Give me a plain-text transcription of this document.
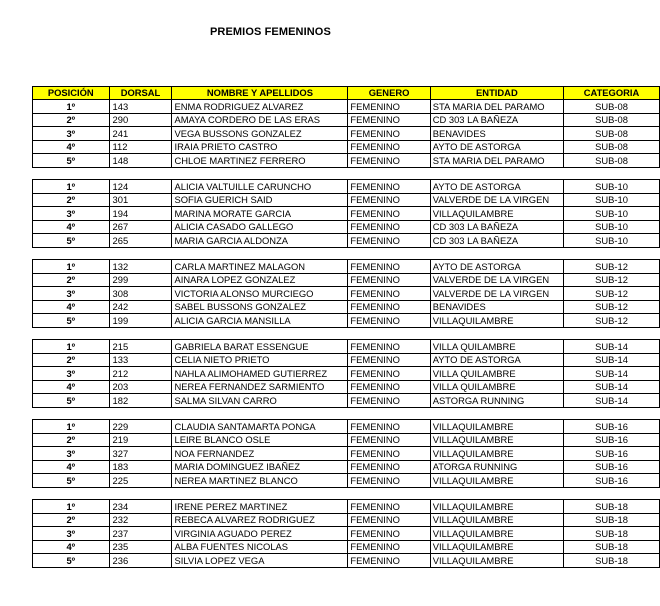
PREMIOS FEMENINOS
POSICIÓN	DORSAL	NOMBRE Y APELLIDOS	GENERO	ENTIDAD	CATEGORIA
1º	143	ENMA RODRIGUEZ ALVAREZ	FEMENINO	STA MARIA DEL PARAMO	SUB-08
2º	290	AMAYA CORDERO DE LAS ERAS	FEMENINO	CD 303 LA BAÑEZA	SUB-08
3º	241	VEGA BUSSONS GONZALEZ	FEMENINO	BENAVIDES	SUB-08
4º	112	IRAIA PRIETO CASTRO	FEMENINO	AYTO DE ASTORGA	SUB-08
5º	148	CHLOE MARTINEZ FERRERO	FEMENINO	STA MARIA DEL PARAMO	SUB-08

1º	124	ALICIA VALTUILLE CARUNCHO	FEMENINO	AYTO DE ASTORGA	SUB-10
2º	301	SOFIA GUERICH SAID	FEMENINO	VALVERDE DE LA VIRGEN	SUB-10
3º	194	MARINA MORATE GARCIA	FEMENINO	VILLAQUILAMBRE	SUB-10
4º	267	ALICIA CASADO GALLEGO	FEMENINO	CD 303 LA BAÑEZA	SUB-10
5º	265	MARIA GARCIA ALDONZA	FEMENINO	CD 303 LA BAÑEZA	SUB-10

1º	132	CARLA MARTINEZ MALAGON	FEMENINO	AYTO DE ASTORGA	SUB-12
2º	299	AINARA LOPEZ GONZALEZ	FEMENINO	VALVERDE DE LA VIRGEN	SUB-12
3º	308	VICTORIA ALONSO MURCIEGO	FEMENINO	VALVERDE DE LA VIRGEN	SUB-12
4º	242	SABEL BUSSONS GONZALEZ	FEMENINO	BENAVIDES	SUB-12
5º	199	ALICIA GARCIA MANSILLA	FEMENINO	VILLAQUILAMBRE	SUB-12

1º	215	GABRIELA BARAT ESSENGUE	FEMENINO	VILLA QUILAMBRE	SUB-14
2º	133	CELIA NIETO PRIETO	FEMENINO	AYTO DE ASTORGA	SUB-14
3º	212	NAHLA ALIMOHAMED GUTIERREZ	FEMENINO	VILLA QUILAMBRE	SUB-14
4º	203	NEREA FERNANDEZ SARMIENTO	FEMENINO	VILLA QUILAMBRE	SUB-14
5º	182	SALMA SILVAN CARRO	FEMENINO	ASTORGA RUNNING	SUB-14

1º	229	CLAUDIA SANTAMARTA PONGA	FEMENINO	VILLAQUILAMBRE	SUB-16
2º	219	LEIRE BLANCO OSLE	FEMENINO	VILLAQUILAMBRE	SUB-16
3º	327	NOA FERNANDEZ	FEMENINO	VILLAQUILAMBRE	SUB-16
4º	183	MARIA DOMINGUEZ IBAÑEZ	FEMENINO	ATORGA RUNNING	SUB-16
5º	225	NEREA MARTINEZ BLANCO	FEMENINO	VILLAQUILAMBRE	SUB-16

1º	234	IRENE PEREZ MARTINEZ	FEMENINO	VILLAQUILAMBRE	SUB-18
2º	232	REBECA ALVAREZ RODRIGUEZ	FEMENINO	VILLAQUILAMBRE	SUB-18
3º	237	VIRGINIA AGUADO PEREZ	FEMENINO	VILLAQUILAMBRE	SUB-18
4º	235	ALBA FUENTES NICOLAS	FEMENINO	VILLAQUILAMBRE	SUB-18
5º	236	SILVIA LOPEZ VEGA	FEMENINO	VILLAQUILAMBRE	SUB-18
